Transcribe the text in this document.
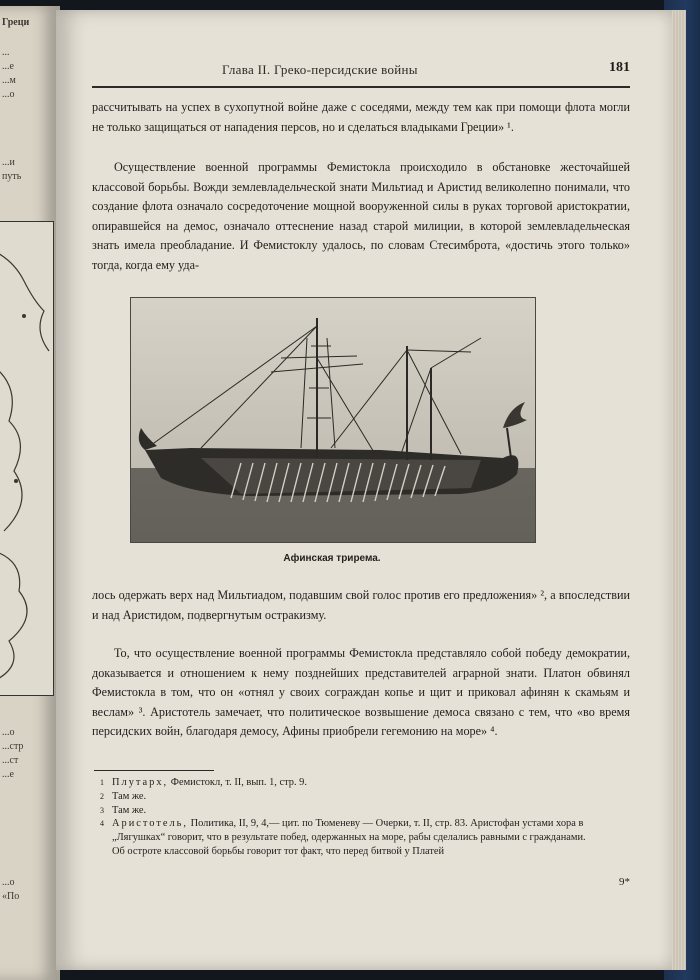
Греци
...
...е
...м
...о
...и
путь
...о
...стр
...ст
...е
...о
«По
Глава II. Греко-персидские войны	181

рассчитывать на успех в сухопутной войне даже с соседями, между тем как при помощи флота могли не только защищаться от нападения персов, но и сделаться владыками Греции» ¹.

Осуществление военной программы Фемистокла происходило в обстановке жесточайшей классовой борьбы. Вожди землевладельческой знати Мильтиад и Аристид великолепно понимали, что создание флота означало сосредоточение мощной вооруженной силы в руках торговой аристократии, опиравшейся на демос, означало оттеснение назад старой милиции, в которой землевладельческая знать имела преобладание. И Фемистоклу удалось, по словам Стесимброта, «достичь этого только» тогда, когда ему уда-

Афинская трирема.

лось одержать верх над Мильтиадом, подавшим свой голос против его предложения» ², а впоследствии и над Аристидом, подвергнутым остракизму.

То, что осуществление военной программы Фемистокла представляло собой победу демократии, доказывается и отношением к нему позднейших представителей аграрной знати. Платон обвинял Фемистокла в том, что он «отнял у своих сограждан копье и щит и приковал афинян к скамьям и веслам» ³. Аристотель замечает, что политическое возвышение демоса связано с тем, что «во время персидских войн, благодаря демосу, Афины приобрели гегемонию на море» ⁴.

1 Плутарх, Фемистокл, т. II, вып. 1, стр. 9.
2 Там же.
3 Там же.
4 Аристотель, Политика, II, 9, 4,— цит. по Тюменеву — Очерки, т. II, стр. 83. Аристофан устами хора в „Лягушках“ говорит, что в результате побед, одержанных на море, рабы сделались равными с гражданами.
Об остроте классовой борьбы говорит тот факт, что перед битвой у Платей
9*
